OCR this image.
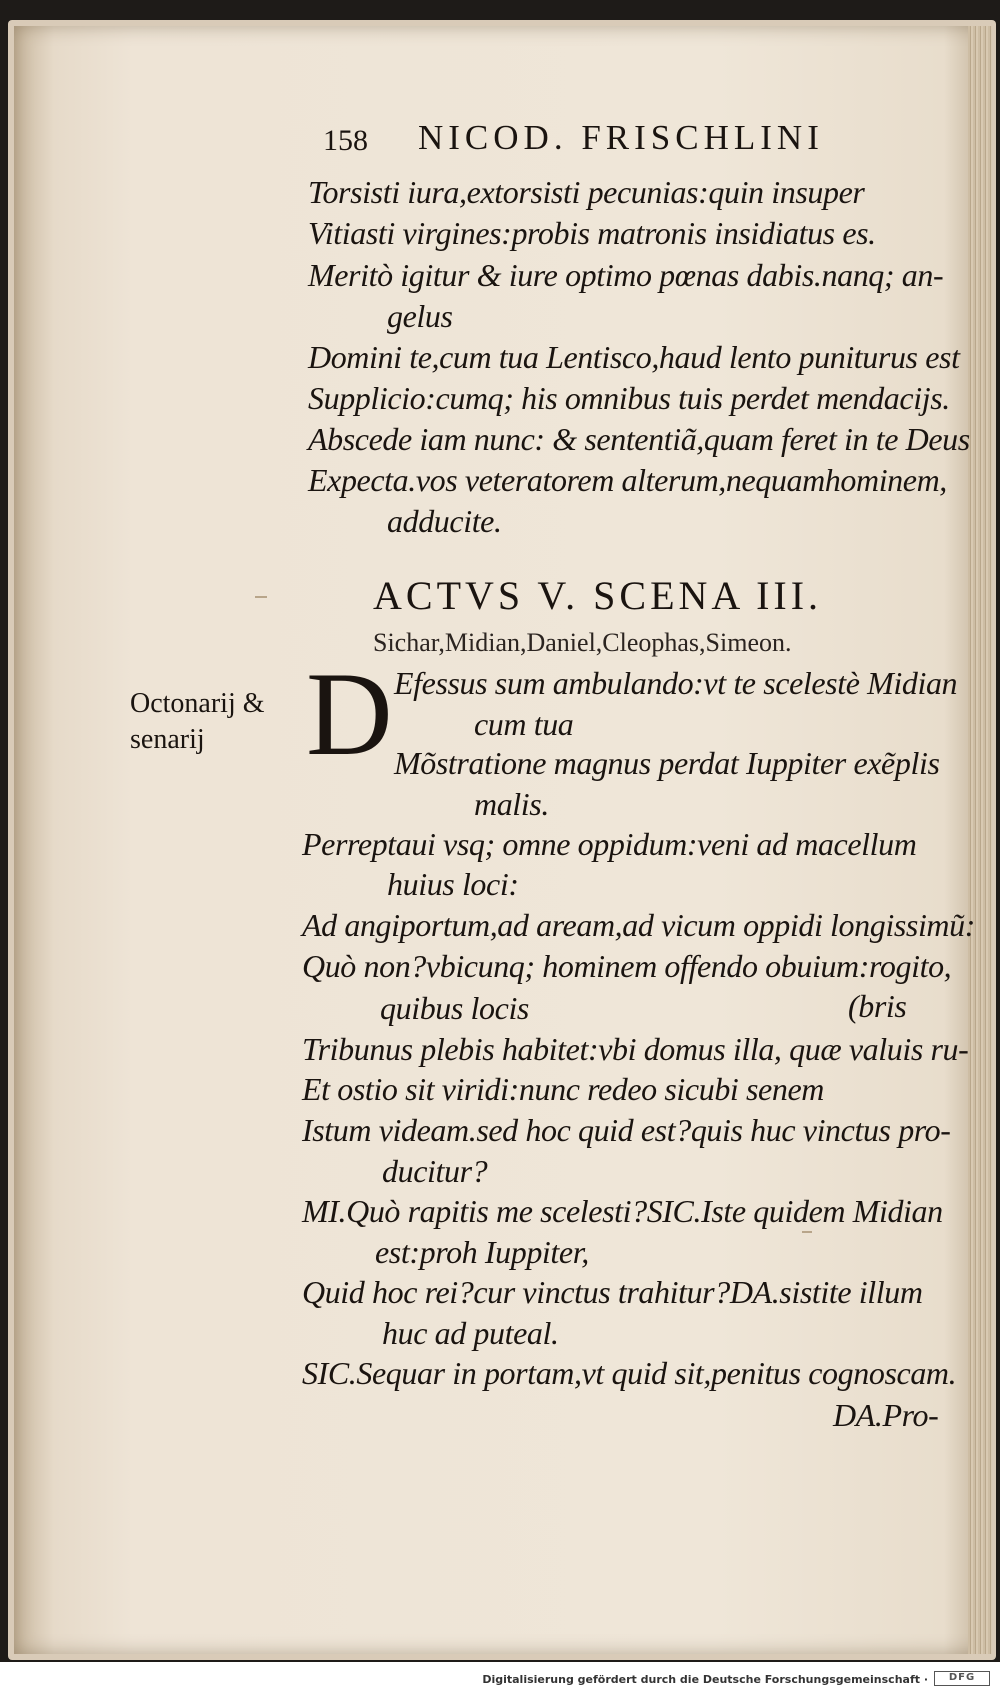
158 NICOD. FRISCHLINI
Torsisti iura,extorsisti pecunias:quin insuper
Vitiasti virgines:probis matronis insidiatus es.
Meritò igitur & iure optimo pœnas dabis.nanq; an-
gelus
Domini te,cum tua Lentisco,haud lento puniturus est
Supplicio:cumq; his omnibus tuis perdet mendacijs.
Abscede iam nunc: & sententiã,quam feret in te Deus
Expecta.vos veteratorem alterum,nequamhominem,
adducite.
ACTVS V. SCENA III.
Sichar,Midian,Daniel,Cleophas,Simeon.
Octonarij &
senarij D Efessus sum ambulando:vt te scelestè Midian
cum tua
Mõstratione magnus perdat Iuppiter exẽplis
malis.
Perreptaui vsq; omne oppidum:veni ad macellum
huius loci:
Ad angiportum,ad aream,ad vicum oppidi longissimũ:
Quò non?vbicunq; hominem offendo obuium:rogito,
quibus locis	(bris
Tribunus plebis habitet:vbi domus illa, quæ valuis ru-
Et ostio sit viridi:nunc redeo sicubi senem
Istum videam.sed hoc quid est?quis huc vinctus pro-
ducitur?
MI.Quò rapitis me scelesti?SIC.Iste quidem Midian
est:proh Iuppiter,
Quid hoc rei?cur vinctus trahitur?DA.sistite illum
huc ad puteal.
SIC.Sequar in portam,vt quid sit,penitus cognoscam.
DA.Pro-
Digitalisierung gefördert durch die Deutsche Forschungsgemeinschaft ·	DFG
